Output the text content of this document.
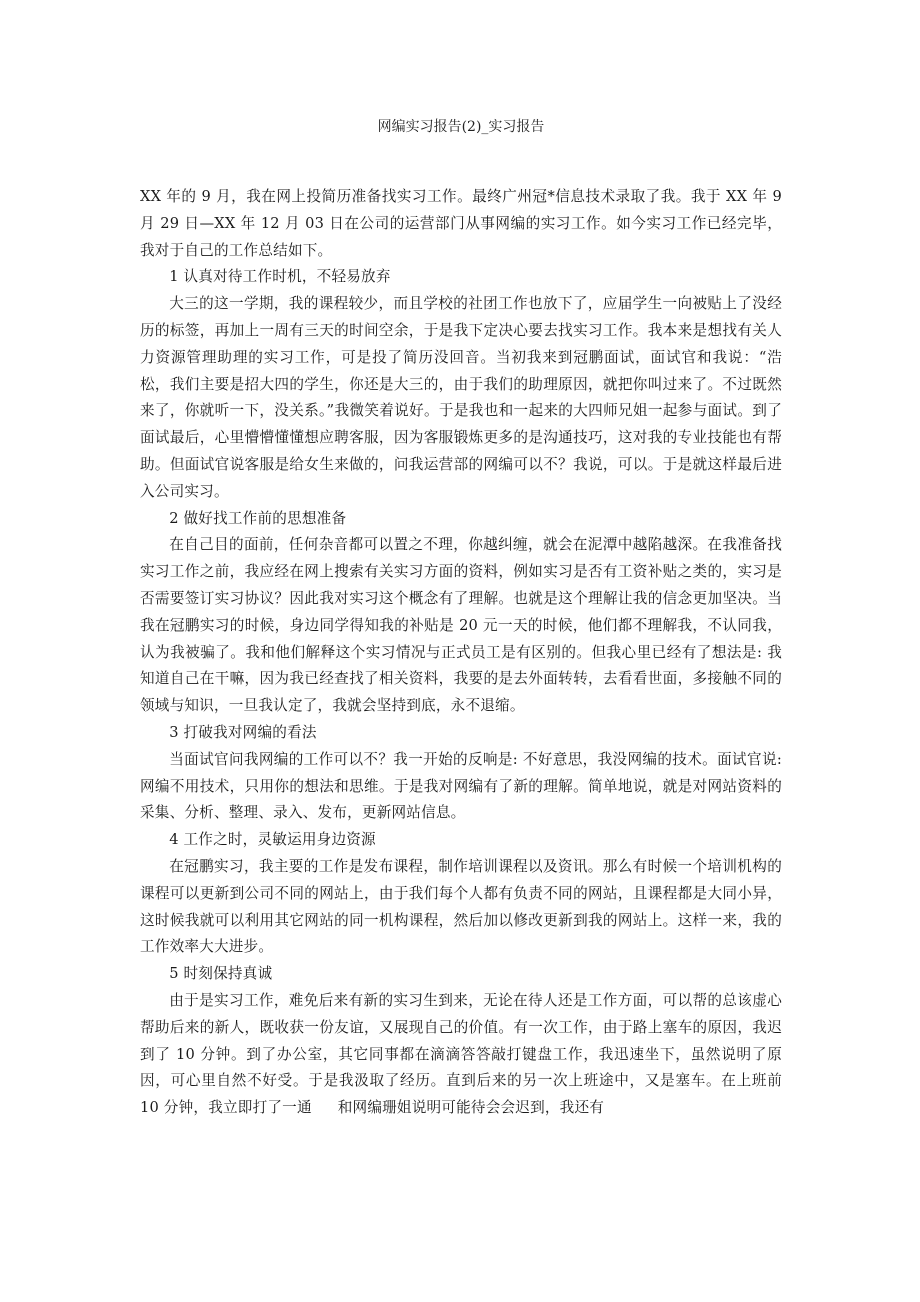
网编实习报告(2)_实习报告

XX 年的 9 月，我在网上投简历准备找实习工作。最终广州冠*信息技术录取了我。我于 XX 年 9 月 29 日—XX 年 12 月 03 日在公司的运营部门从事网编的实习工作。如今实习工作已经完毕，我对于自己的工作总结如下。

1 认真对待工作时机，不轻易放弃

大三的这一学期，我的课程较少，而且学校的社团工作也放下了，应届学生一向被贴上了没经历的标签，再加上一周有三天的时间空余，于是我下定决心要去找实习工作。我本来是想找有关人力资源管理助理的实习工作，可是投了简历没回音。当初我来到冠鹏面试，面试官和我说：“浩松，我们主要是招大四的学生，你还是大三的，由于我们的助理原因，就把你叫过来了。不过既然来了，你就听一下，没关系。”我微笑着说好。于是我也和一起来的大四师兄姐一起参与面试。到了面试最后，心里懵懵懂懂想应聘客服，因为客服锻炼更多的是沟通技巧，这对我的专业技能也有帮助。但面试官说客服是给女生来做的，问我运营部的网编可以不？我说，可以。于是就这样最后进入公司实习。

2 做好找工作前的思想准备

在自己目的面前，任何杂音都可以置之不理，你越纠缠，就会在泥潭中越陷越深。在我准备找实习工作之前，我应经在网上搜索有关实习方面的资料，例如实习是否有工资补贴之类的，实习是否需要签订实习协议？因此我对实习这个概念有了理解。也就是这个理解让我的信念更加坚决。当我在冠鹏实习的时候，身边同学得知我的补贴是 20 元一天的时候，他们都不理解我，不认同我，认为我被骗了。我和他们解释这个实习情况与正式员工是有区别的。但我心里已经有了想法是: 我知道自己在干嘛，因为我已经查找了相关资料，我要的是去外面转转，去看看世面，多接触不同的领域与知识，一旦我认定了，我就会坚持到底，永不退缩。

3 打破我对网编的看法

当面试官问我网编的工作可以不？我一开始的反响是: 不好意思，我没网编的技术。面试官说: 网编不用技术，只用你的想法和思维。于是我对网编有了新的理解。简单地说，就是对网站资料的采集、分析、整理、录入、发布，更新网站信息。

4 工作之时，灵敏运用身边资源

在冠鹏实习，我主要的工作是发布课程，制作培训课程以及资讯。那么有时候一个培训机构的课程可以更新到公司不同的网站上，由于我们每个人都有负责不同的网站，且课程都是大同小异，这时候我就可以利用其它网站的同一机构课程，然后加以修改更新到我的网站上。这样一来，我的工作效率大大进步。

5 时刻保持真诚

由于是实习工作，难免后来有新的实习生到来，无论在待人还是工作方面，可以帮的总该虚心帮助后来的新人，既收获一份友谊，又展现自己的价值。有一次工作，由于路上塞车的原因，我迟到了 10 分钟。到了办公室，其它同事都在滴滴答答敲打键盘工作，我迅速坐下，虽然说明了原因，可心里自然不好受。于是我汲取了经历。直到后来的另一次上班途中，又是塞车。在上班前 10 分钟，我立即打了一通 和网编珊姐说明可能待会会迟到，我还有
